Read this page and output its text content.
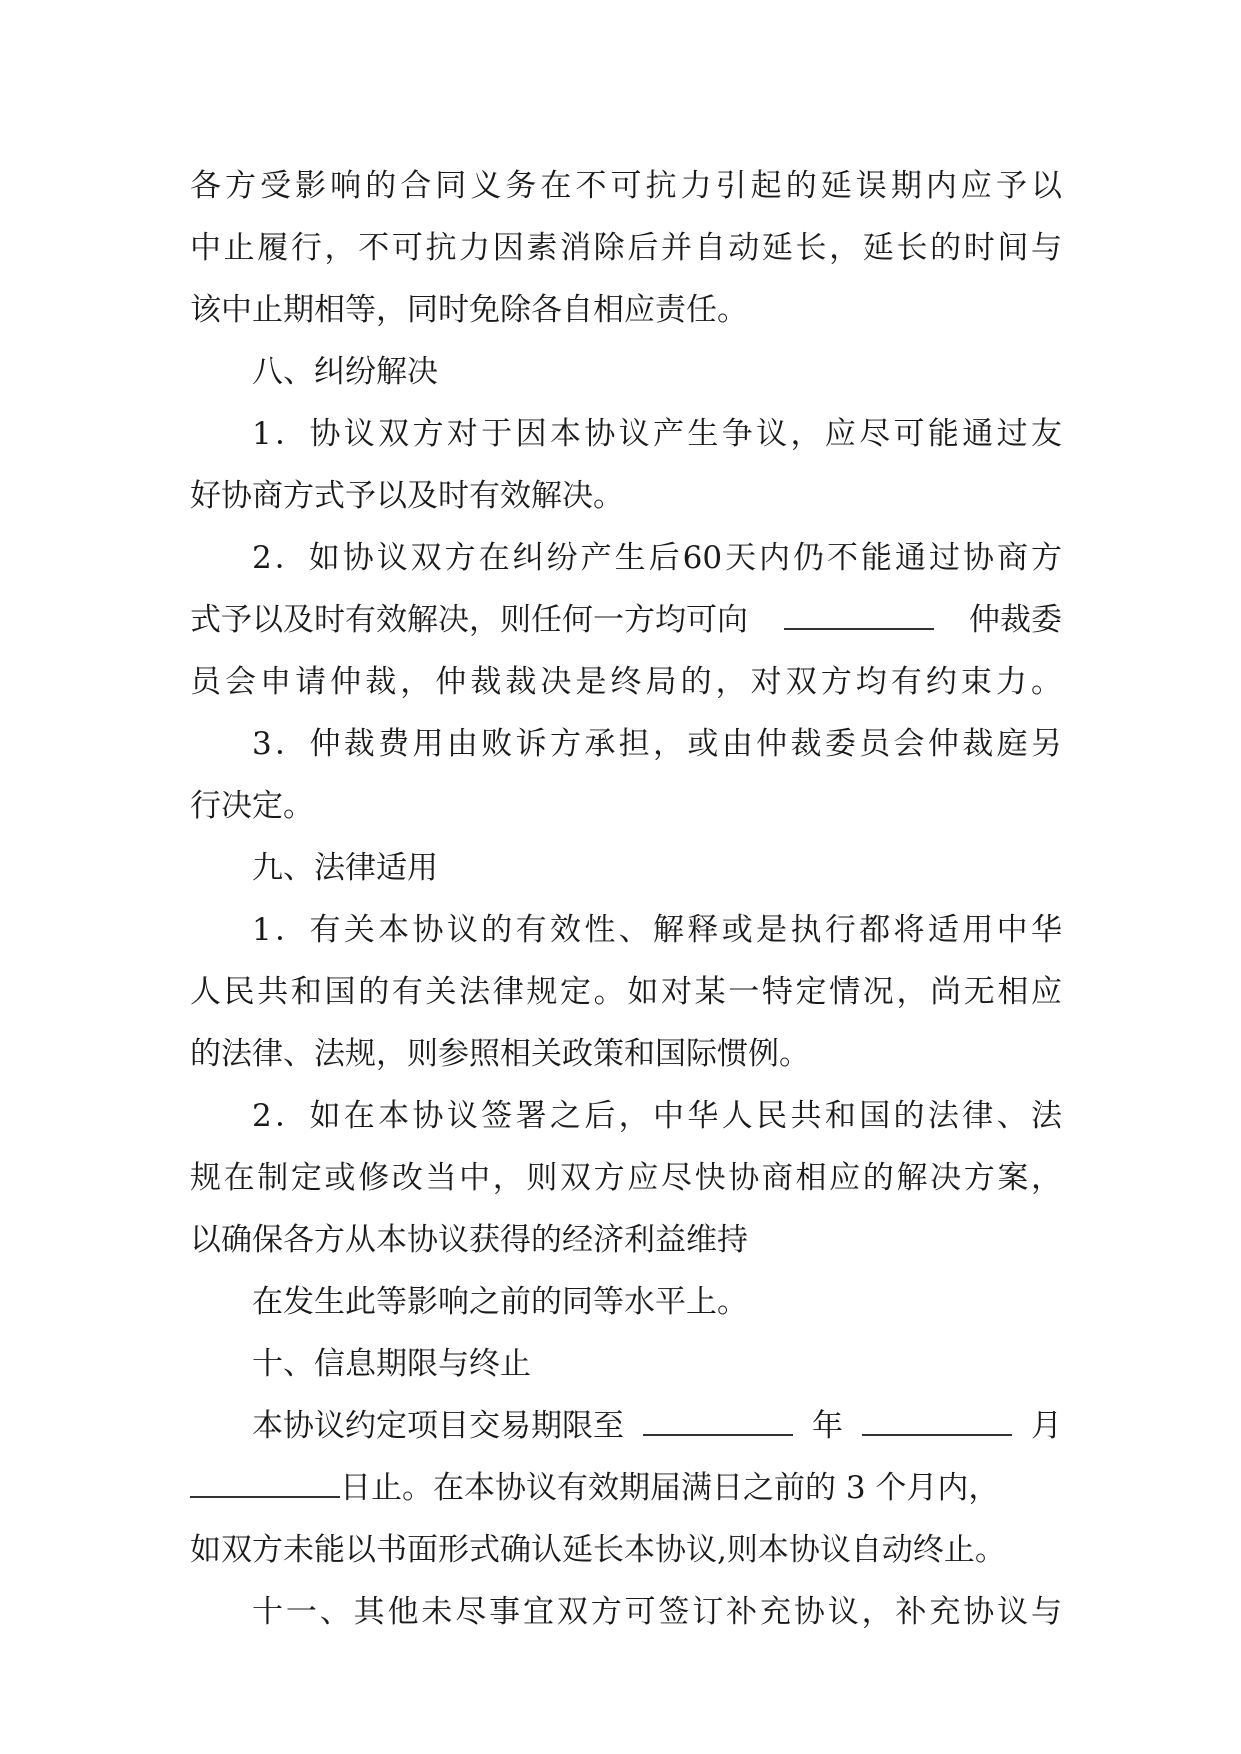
各方受影响的合同义务在不可抗力引起的延误期内应予以
中止履行，不可抗力因素消除后并自动延长，延长的时间与
该中止期相等，同时免除各自相应责任。
八、纠纷解决
1．协议双方对于因本协议产生争议，应尽可能通过友
好协商方式予以及时有效解决。
2．如协议双方在纠纷产生后60天内仍不能通过协商方
式予以及时有效解决，则任何一方均可向	仲裁委
员会申请仲裁，仲裁裁决是终局的，对双方均有约束力。
3．仲裁费用由败诉方承担，或由仲裁委员会仲裁庭另
行决定。
九、法律适用
1．有关本协议的有效性、解释或是执行都将适用中华
人民共和国的有关法律规定。如对某一特定情况，尚无相应
的法律、法规，则参照相关政策和国际惯例。
2．如在本协议签署之后，中华人民共和国的法律、法
规在制定或修改当中，则双方应尽快协商相应的解决方案，
以确保各方从本协议获得的经济利益维持
在发生此等影响之前的同等水平上。
十、信息期限与终止
本协议约定项目交易期限至	年	月
日止。在本协议有效期届满日之前的 3 个月内，
如双方未能以书面形式确认延长本协议,则本协议自动终止。
十一、其他未尽事宜双方可签订补充协议，补充协议与
